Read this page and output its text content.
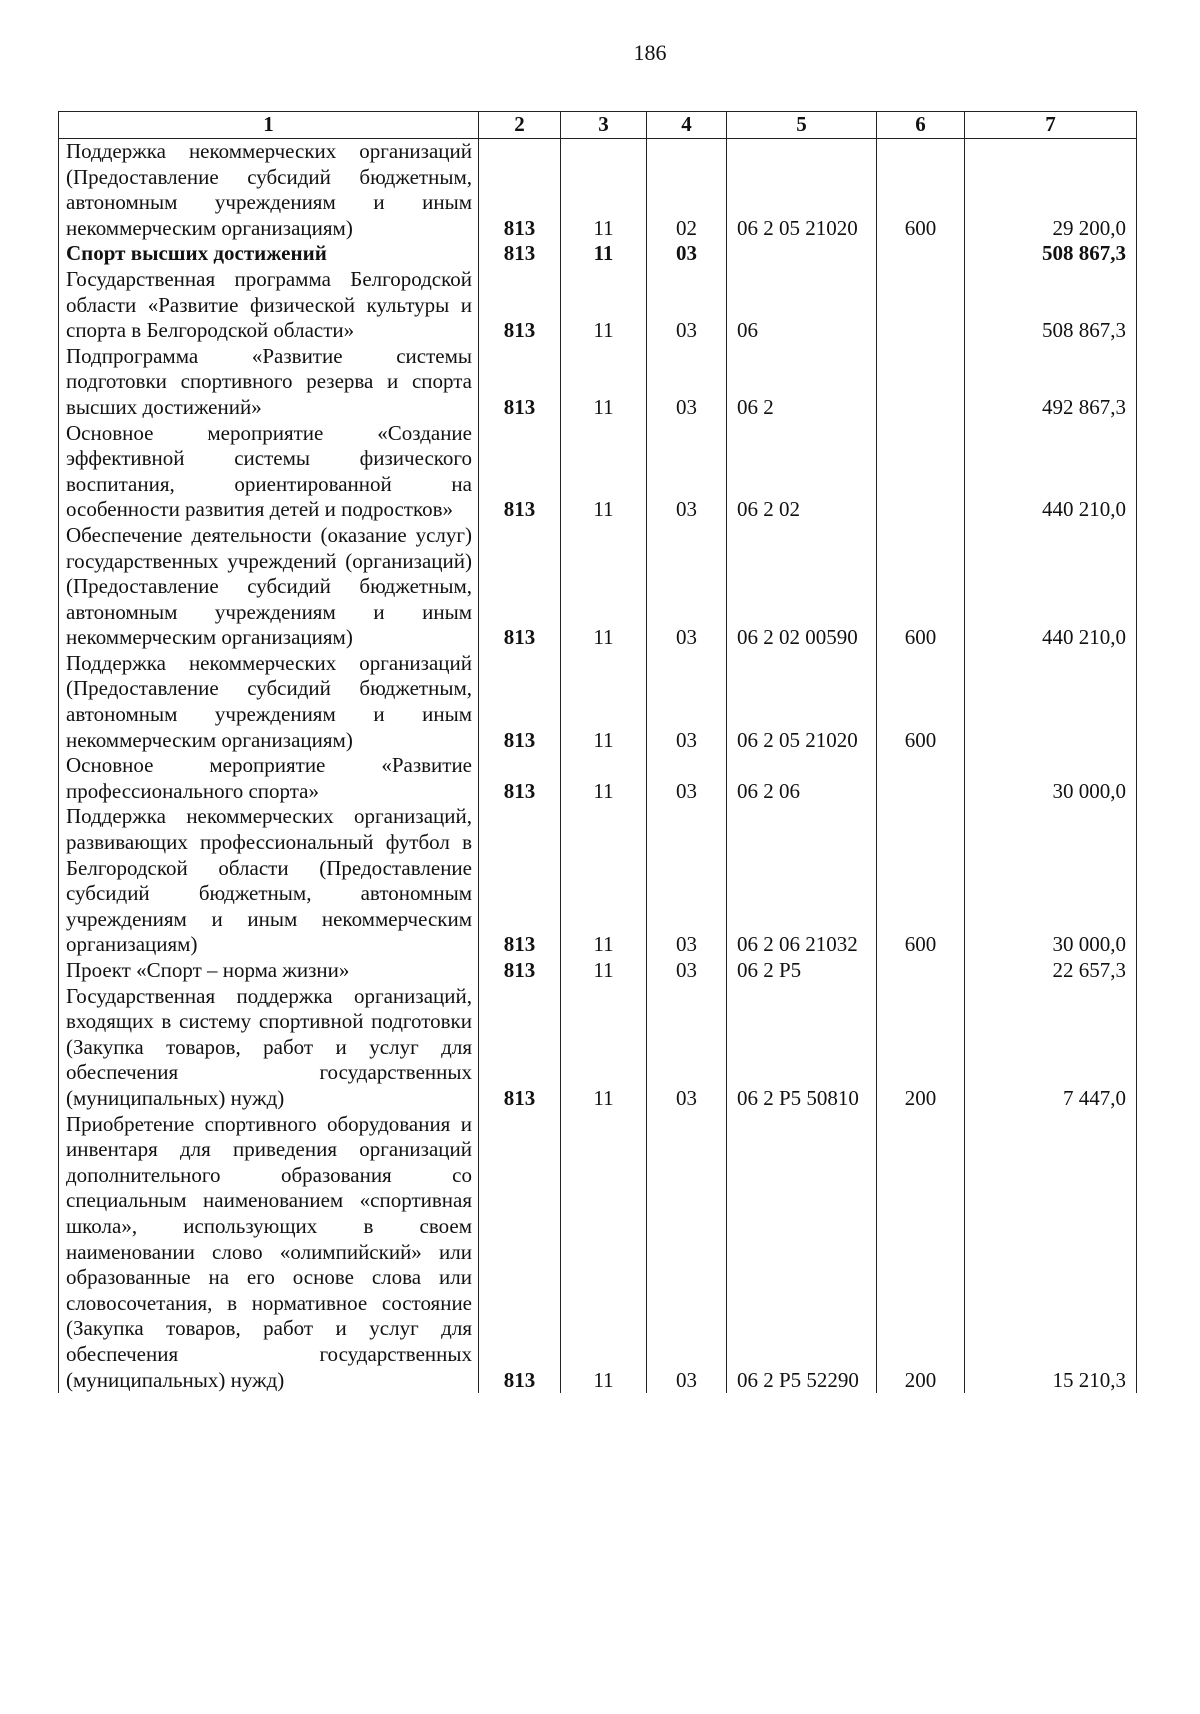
186
1	2	3	4	5	6	7
Поддержка некоммерческих организаций (Предоставление субсидий бюджетным, автономным учреждениям и иным некоммерческим организациям)	813	11	02	06 2 05 21020	600	29 200,0
Спорт высших достижений	813	11	03			508 867,3
Государственная программа Белгородской области «Развитие физической культуры и спорта в Белгородской области»	813	11	03	06		508 867,3
Подпрограмма «Развитие системы подготовки спортивного резерва и спорта высших достижений»	813	11	03	06 2		492 867,3
Основное мероприятие «Создание эффективной системы физического воспитания, ориентированной на особенности развития детей и подростков»	813	11	03	06 2 02		440 210,0
Обеспечение деятельности (оказание услуг) государственных учреждений (организаций) (Предоставление субсидий бюджетным, автономным учреждениям и иным некоммерческим организациям)	813	11	03	06 2 02 00590	600	440 210,0
Поддержка некоммерческих организаций (Предоставление субсидий бюджетным, автономным учреждениям и иным некоммерческим организациям)	813	11	03	06 2 05 21020	600	
Основное мероприятие «Развитие профессионального спорта»	813	11	03	06 2 06		30 000,0
Поддержка некоммерческих организаций, развивающих профессиональный футбол в Белгородской области (Предоставление субсидий бюджетным, автономным учреждениям и иным некоммерческим организациям)	813	11	03	06 2 06 21032	600	30 000,0
Проект «Спорт – норма жизни»	813	11	03	06 2 P5		22 657,3
Государственная поддержка организаций, входящих в систему спортивной подготовки (Закупка товаров, работ и услуг для обеспечения государственных (муниципальных) нужд)	813	11	03	06 2 P5 50810	200	7 447,0
Приобретение спортивного оборудования и инвентаря для приведения организаций дополнительного образования со специальным наименованием «спортивная школа», использующих в своем наименовании слово «олимпийский» или образованные на его основе слова или словосочетания, в нормативное состояние (Закупка товаров, работ и услуг для обеспечения государственных (муниципальных) нужд)	813	11	03	06 2 P5 52290	200	15 210,3
